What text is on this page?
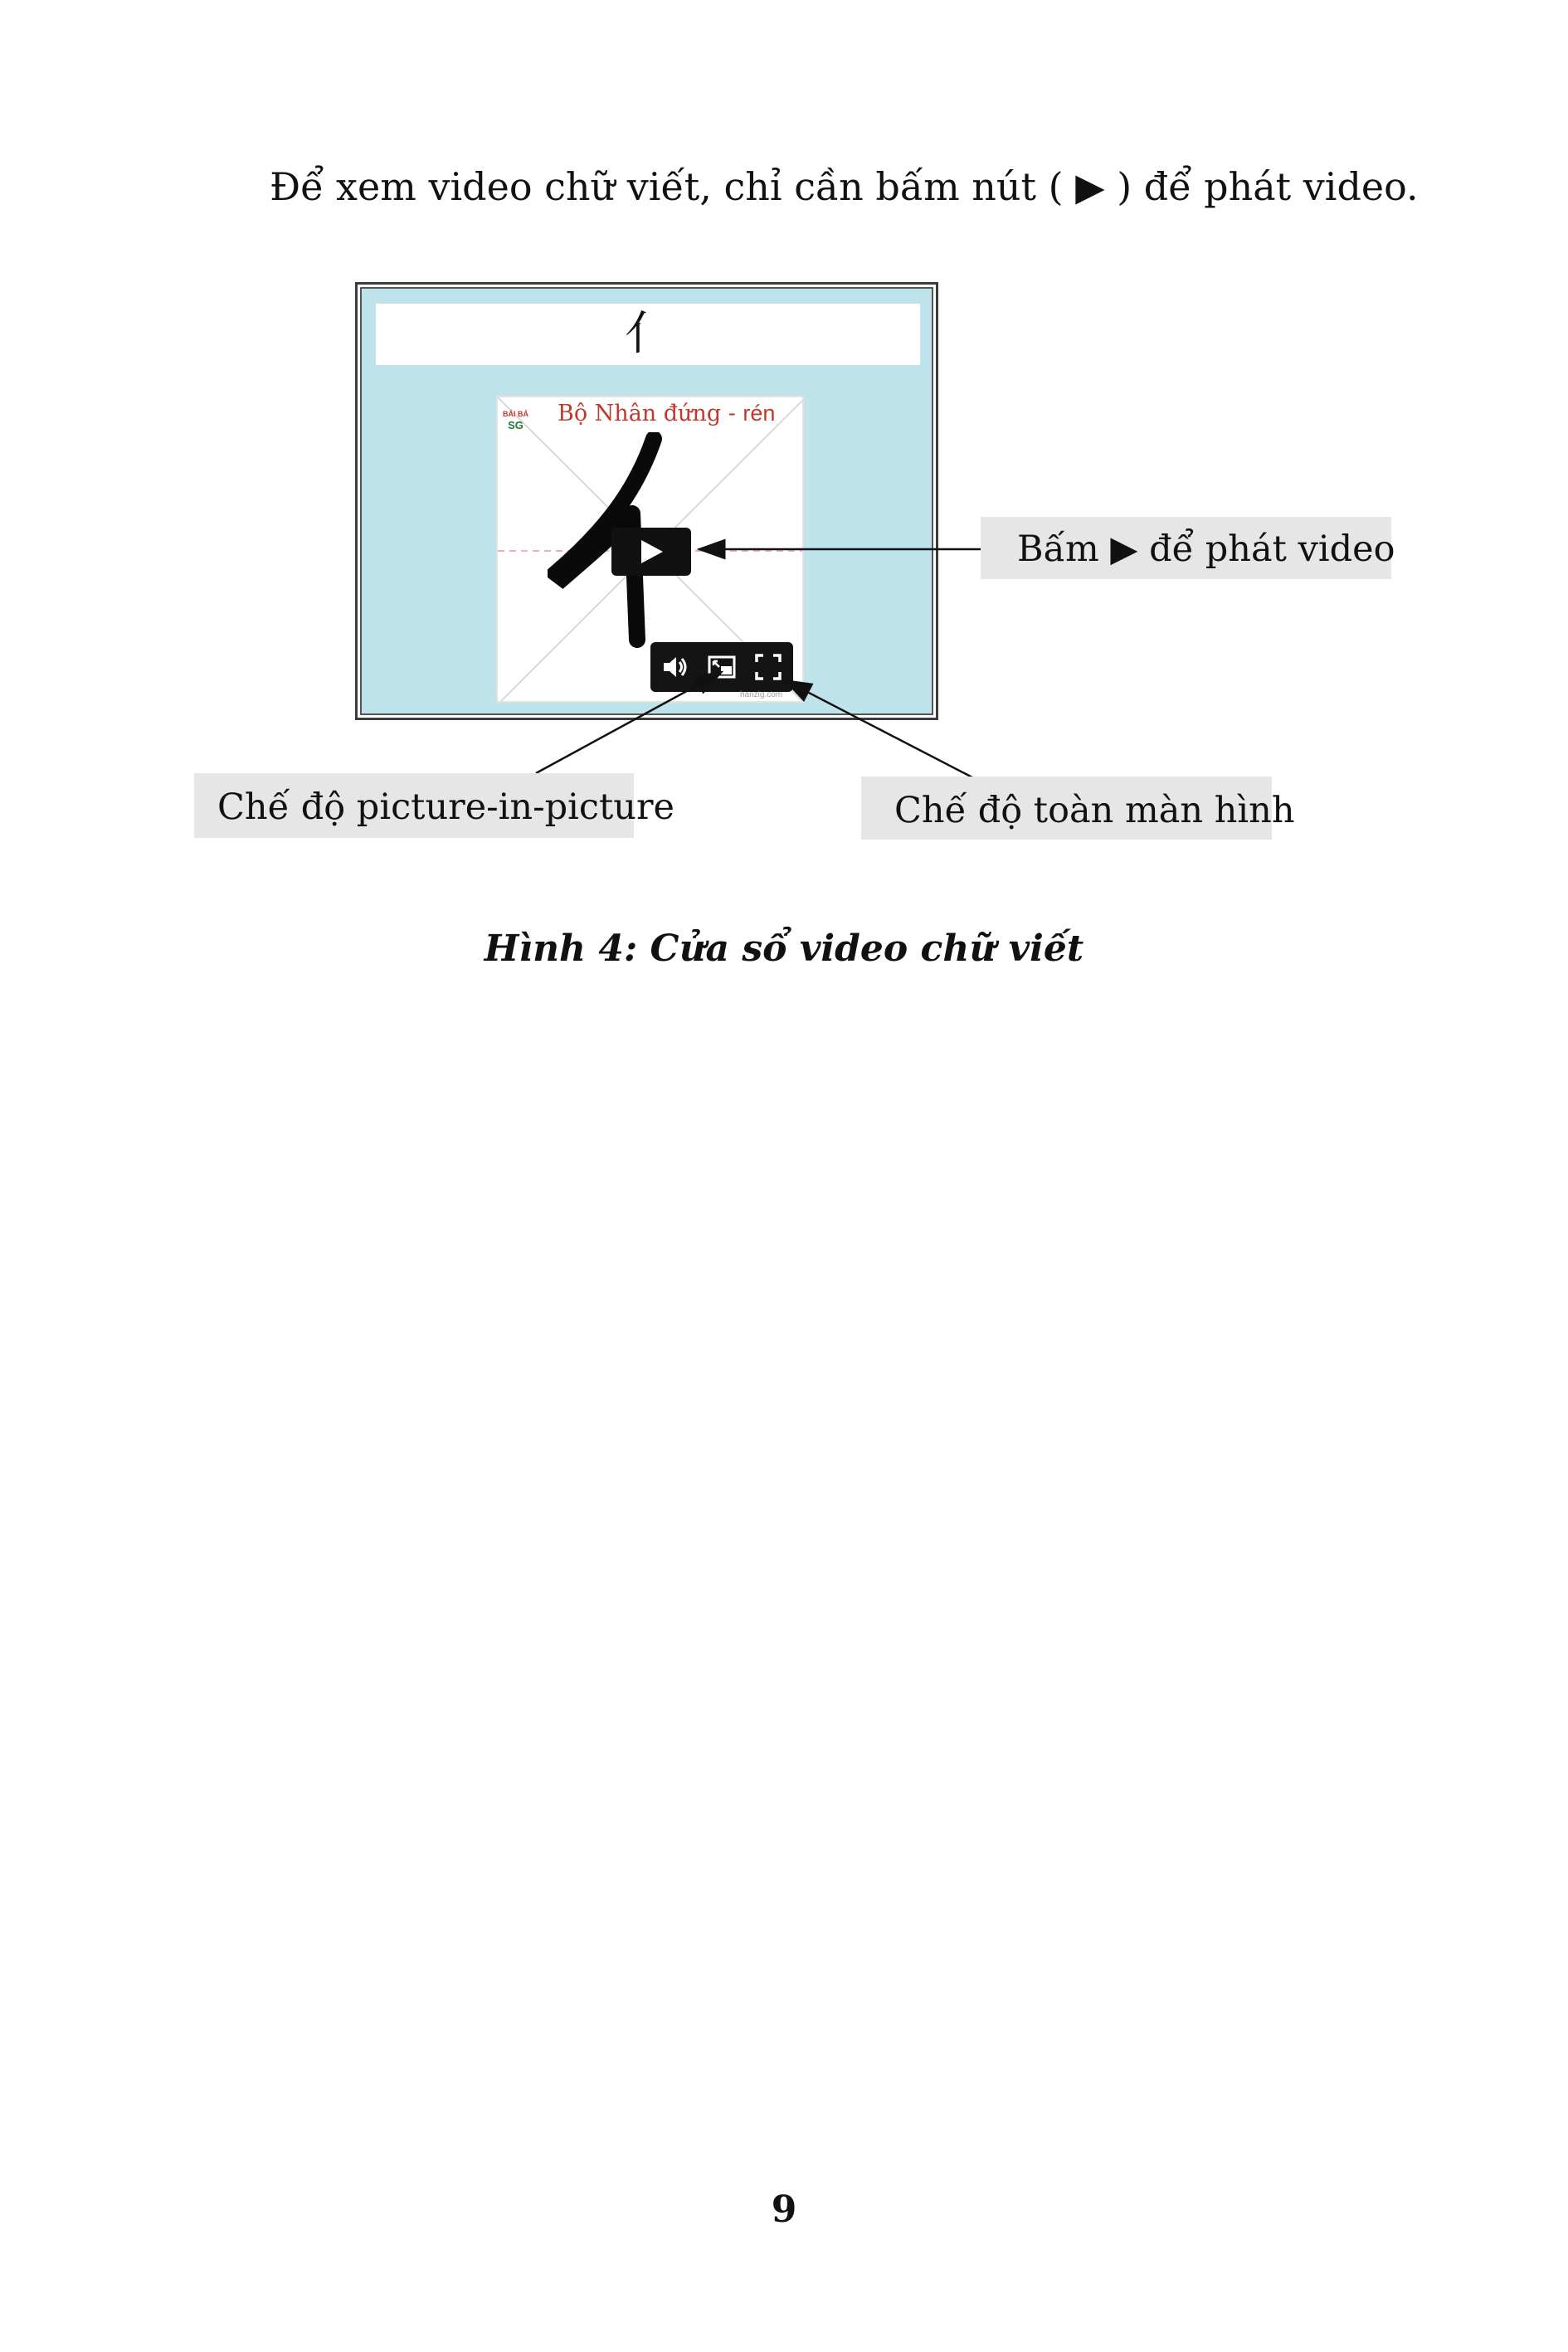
Để xem video chữ viết, chỉ cần bấm nút ( ▶ ) để phát video.
亻
BÁI BÁ
SG Bộ Nhân đứng - rén
hanzig.com
Bấm ▶ để phát video
Chế độ picture-in-picture	Chế độ toàn màn hình
Hình 4: Cửa sổ video chữ viết
9
